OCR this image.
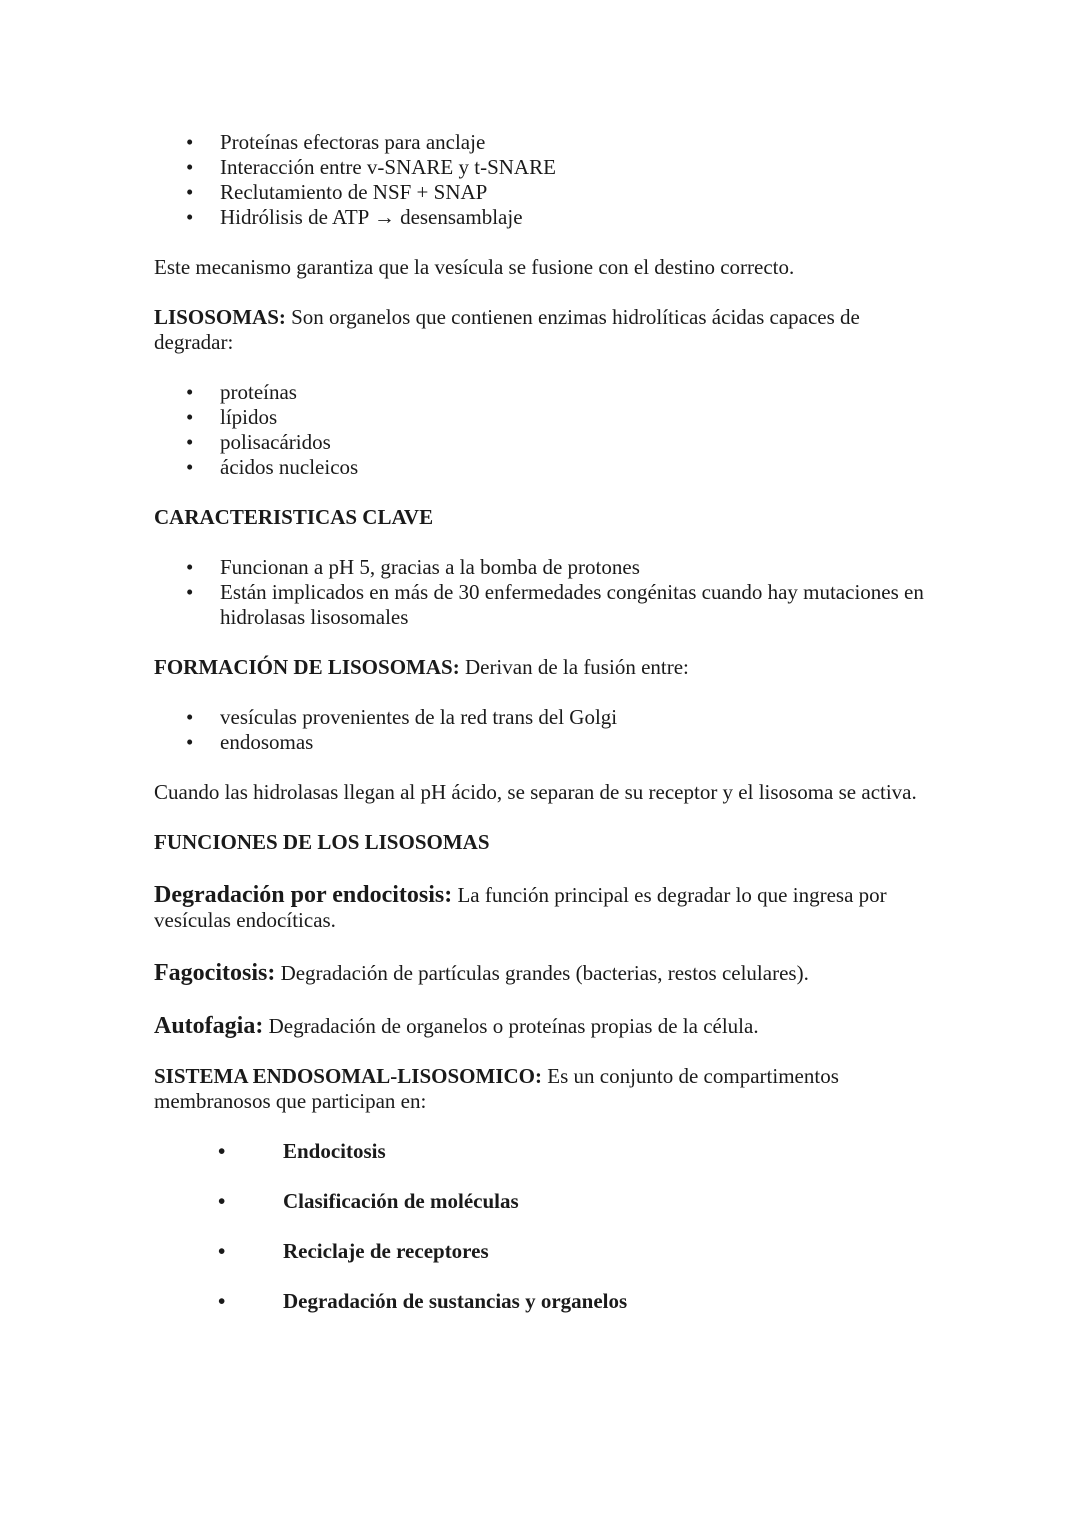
• Proteínas efectoras para anclaje
• Interacción entre v-SNARE y t-SNARE
• Reclutamiento de NSF + SNAP
• Hidrólisis de ATP → desensamblaje

Este mecanismo garantiza que la vesícula se fusione con el destino correcto.

LISOSOMAS: Son organelos que contienen enzimas hidrolíticas ácidas capaces de degradar:

• proteínas
• lípidos
• polisacáridos
• ácidos nucleicos

CARACTERISTICAS CLAVE

• Funcionan a pH 5, gracias a la bomba de protones
• Están implicados en más de 30 enfermedades congénitas cuando hay mutaciones en hidrolasas lisosomales

FORMACIÓN DE LISOSOMAS: Derivan de la fusión entre:

• vesículas provenientes de la red trans del Golgi
• endosomas

Cuando las hidrolasas llegan al pH ácido, se separan de su receptor y el lisosoma se activa.

FUNCIONES DE LOS LISOSOMAS

Degradación por endocitosis: La función principal es degradar lo que ingresa por vesículas endocíticas.

Fagocitosis: Degradación de partículas grandes (bacterias, restos celulares).

Autofagia: Degradación de organelos o proteínas propias de la célula.

SISTEMA ENDOSOMAL-LISOSOMICO: Es un conjunto de compartimentos membranosos que participan en:

•	Endocitosis
•	Clasificación de moléculas
•	Reciclaje de receptores
•	Degradación de sustancias y organelos
